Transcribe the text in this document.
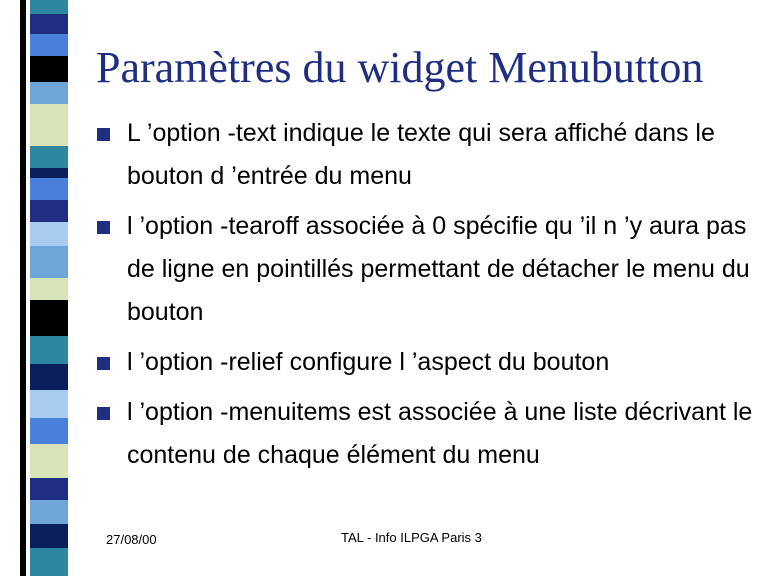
Paramètres du widget Menubutton
L ’option -text indique le texte qui sera affiché dans le bouton d ’entrée du menu
l ’option -tearoff associée à 0 spécifie qu ’il n ’y aura pas de ligne en pointillés permettant de détacher le menu du bouton
l ’option -relief configure l ’aspect du bouton
l ’option -menuitems est associée à une liste décrivant le contenu de chaque élément du menu
27/08/00	TAL - Info ILPGA Paris 3
